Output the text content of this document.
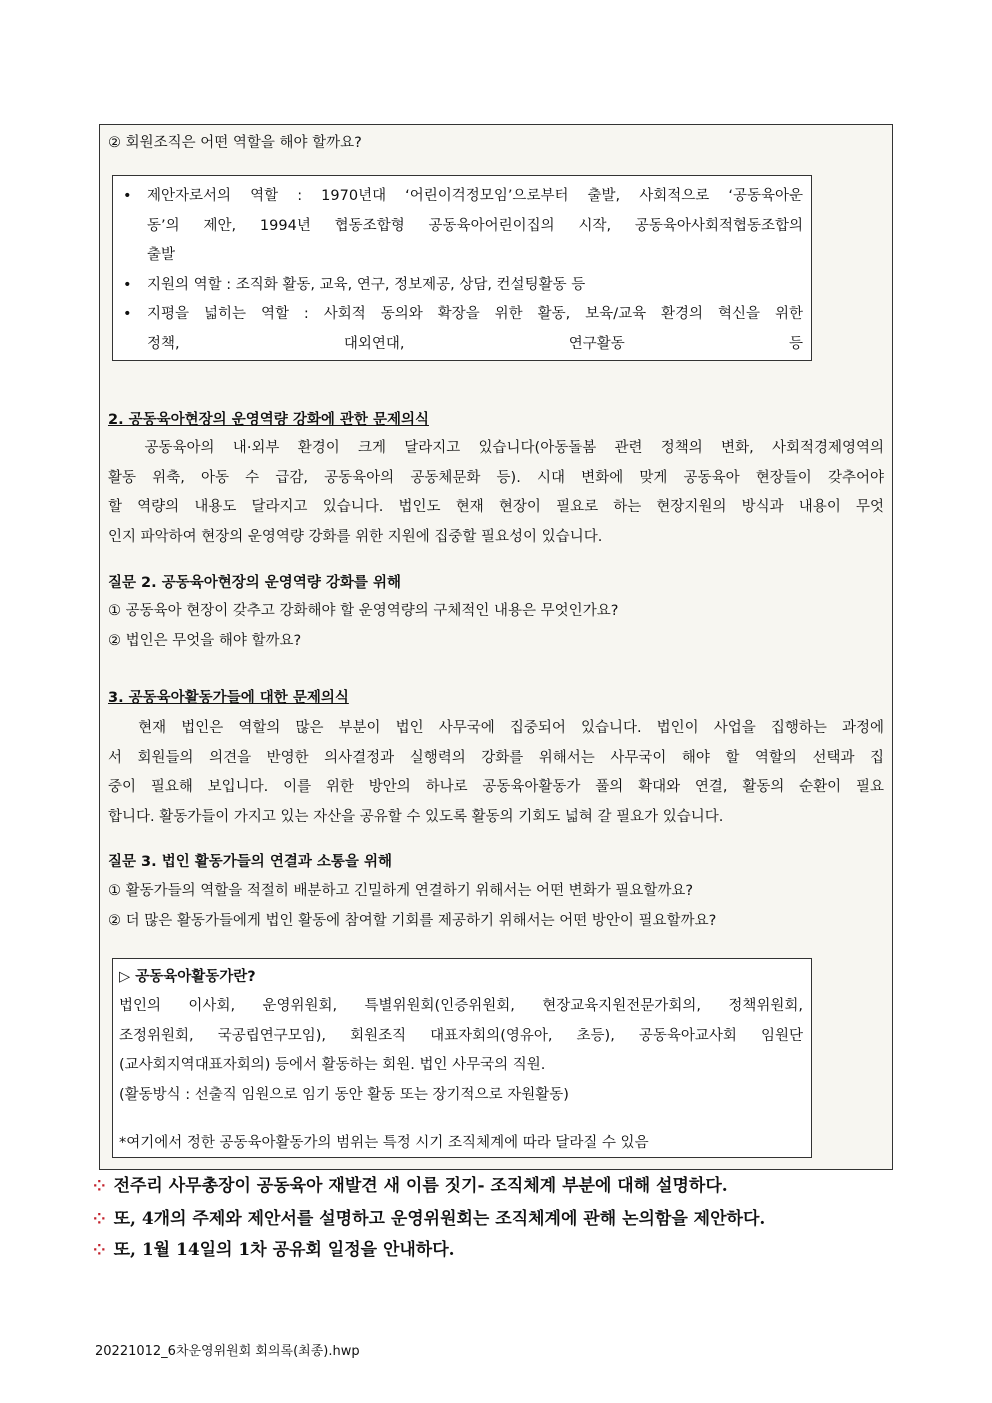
② 회원조직은 어떤 역할을 해야 할까요?
• 제안자로서의 역할 : 1970년대 ‘어린이걱정모임’으로부터 출발, 사회적으로 ‘공동육아운
동’의 제안, 1994년 협동조합형 공동육아어린이집의 시작, 공동육아사회적협동조합의
출발
• 지원의 역할 : 조직화 활동, 교육, 연구, 정보제공, 상담, 컨설팅활동 등
• 지평을 넓히는 역할 : 사회적 동의와 확장을 위한 활동, 보육/교육 환경의 혁신을 위한
정책, 대외연대, 연구활동 등
2. 공동육아현장의 운영역량 강화에 관한 문제의식
공동육아의 내·외부 환경이 크게 달라지고 있습니다(아동돌봄 관련 정책의 변화, 사회적경제영역의
활동 위축, 아동 수 급감, 공동육아의 공동체문화 등). 시대 변화에 맞게 공동육아 현장들이 갖추어야
할 역량의 내용도 달라지고 있습니다. 법인도 현재 현장이 필요로 하는 현장지원의 방식과 내용이 무엇
인지 파악하여 현장의 운영역량 강화를 위한 지원에 집중할 필요성이 있습니다.
질문 2. 공동육아현장의 운영역량 강화를 위해
① 공동육아 현장이 갖추고 강화해야 할 운영역량의 구체적인 내용은 무엇인가요?
② 법인은 무엇을 해야 할까요?
3. 공동육아활동가들에 대한 문제의식
현재 법인은 역할의 많은 부분이 법인 사무국에 집중되어 있습니다. 법인이 사업을 집행하는 과정에
서 회원들의 의견을 반영한 의사결정과 실행력의 강화를 위해서는 사무국이 해야 할 역할의 선택과 집
중이 필요해 보입니다. 이를 위한 방안의 하나로 공동육아활동가 풀의 확대와 연결, 활동의 순환이 필요
합니다. 활동가들이 가지고 있는 자산을 공유할 수 있도록 활동의 기회도 넓혀 갈 필요가 있습니다.
질문 3. 법인 활동가들의 연결과 소통을 위해
① 활동가들의 역할을 적절히 배분하고 긴밀하게 연결하기 위해서는 어떤 변화가 필요할까요?
② 더 많은 활동가들에게 법인 활동에 참여할 기회를 제공하기 위해서는 어떤 방안이 필요할까요?
▷ 공동육아활동가란?
법인의 이사회, 운영위원회, 특별위원회(인증위원회, 현장교육지원전문가회의, 정책위원회,
조정위원회, 국공립연구모임), 회원조직 대표자회의(영유아, 초등), 공동육아교사회 임원단
(교사회지역대표자회의) 등에서 활동하는 회원. 법인 사무국의 직원.
(활동방식 : 선출직 임원으로 임기 동안 활동 또는 장기적으로 자원활동)
*여기에서 정한 공동육아활동가의 범위는 특정 시기 조직체계에 따라 달라질 수 있음
⁘ 전주리 사무총장이 공동육아 재발견 새 이름 짓기- 조직체계 부분에 대해 설명하다.
⁘ 또, 4개의 주제와 제안서를 설명하고 운영위원회는 조직체계에 관해 논의함을 제안하다.
⁘ 또, 1월 14일의 1차 공유회 일정을 안내하다.
20221012_6차운영위원회 회의록(최종).hwp
